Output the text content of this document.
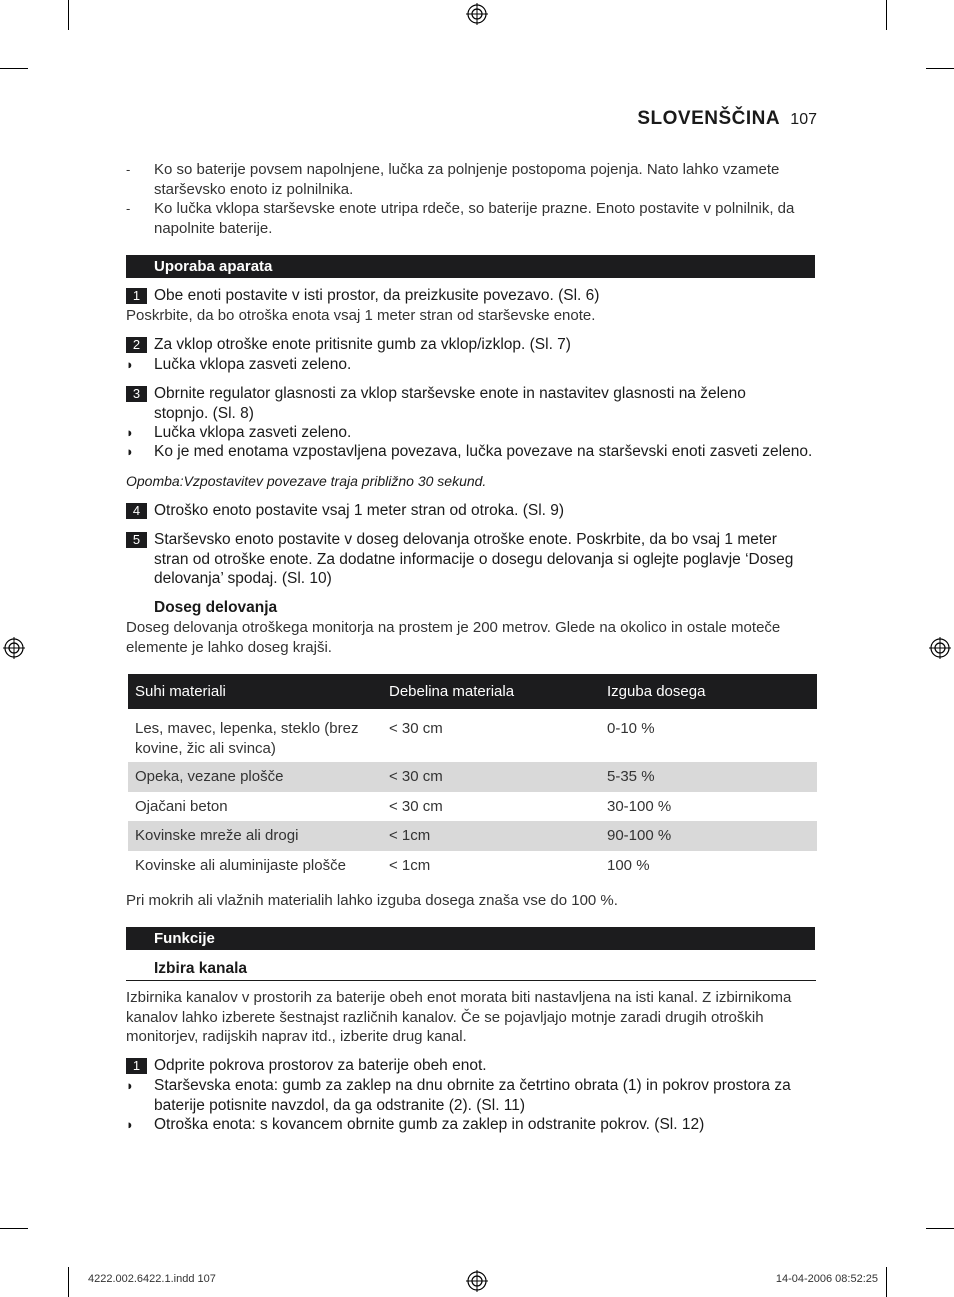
SLOVENŠČINA 107
- Ko so baterije povsem napolnjene, lučka za polnjenje postopoma pojenja. Nato lahko vzamete
starševsko enoto iz polnilnika.
- Ko lučka vklopa starševske enote utripa rdeče, so baterije prazne. Enoto postavite v polnilnik, da
napolnite baterije.
Uporaba aparata
1 Obe enoti postavite v isti prostor, da preizkusite povezavo. (Sl. 6)
Poskrbite, da bo otroška enota vsaj 1 meter stran od starševske enote.
2 Za vklop otroške enote pritisnite gumb za vklop/izklop. (Sl. 7)
◗ Lučka vklopa zasveti zeleno.
3 Obrnite regulator glasnosti za vklop starševske enote in nastavitev glasnosti na želeno
stopnjo. (Sl. 8)
◗ Lučka vklopa zasveti zeleno.
◗ Ko je med enotama vzpostavljena povezava, lučka povezave na starševski enoti zasveti zeleno.
Opomba:Vzpostavitev povezave traja približno 30 sekund.
4 Otroško enoto postavite vsaj 1 meter stran od otroka. (Sl. 9)
5 Starševsko enoto postavite v doseg delovanja otroške enote. Poskrbite, da bo vsaj 1 meter
stran od otroške enote. Za dodatne informacije o dosegu delovanja si oglejte poglavje ‘Doseg
delovanja’ spodaj. (Sl. 10)
Doseg delovanja
Doseg delovanja otroškega monitorja na prostem je 200 metrov. Glede na okolico in ostale moteče
elemente je lahko doseg krajši.
Suhi materiali	Debelina materiala	Izguba dosega
Les, mavec, lepenka, steklo (brez
kovine, žic ali svinca)	< 30 cm	0-10 %
Opeka, vezane plošče	< 30 cm	5-35 %
Ojačani beton	< 30 cm	30-100 %
Kovinske mreže ali drogi	< 1cm	90-100 %
Kovinske ali aluminijaste plošče	< 1cm	100 %
Pri mokrih ali vlažnih materialih lahko izguba dosega znaša vse do 100 %.
Funkcije
Izbira kanala
Izbirnika kanalov v prostorih za baterije obeh enot morata biti nastavljena na isti kanal. Z izbirnikoma
kanalov lahko izberete šestnajst različnih kanalov. Če se pojavljajo motnje zaradi drugih otroških
monitorjev, radijskih naprav itd., izberite drug kanal.
1 Odprite pokrova prostorov za baterije obeh enot.
◗ Starševska enota: gumb za zaklep na dnu obrnite za četrtino obrata (1) in pokrov prostora za
baterije potisnite navzdol, da ga odstranite (2). (Sl. 11)
◗ Otroška enota: s kovancem obrnite gumb za zaklep in odstranite pokrov. (Sl. 12)
4222.002.6422.1.indd 107	14-04-2006 08:52:25
